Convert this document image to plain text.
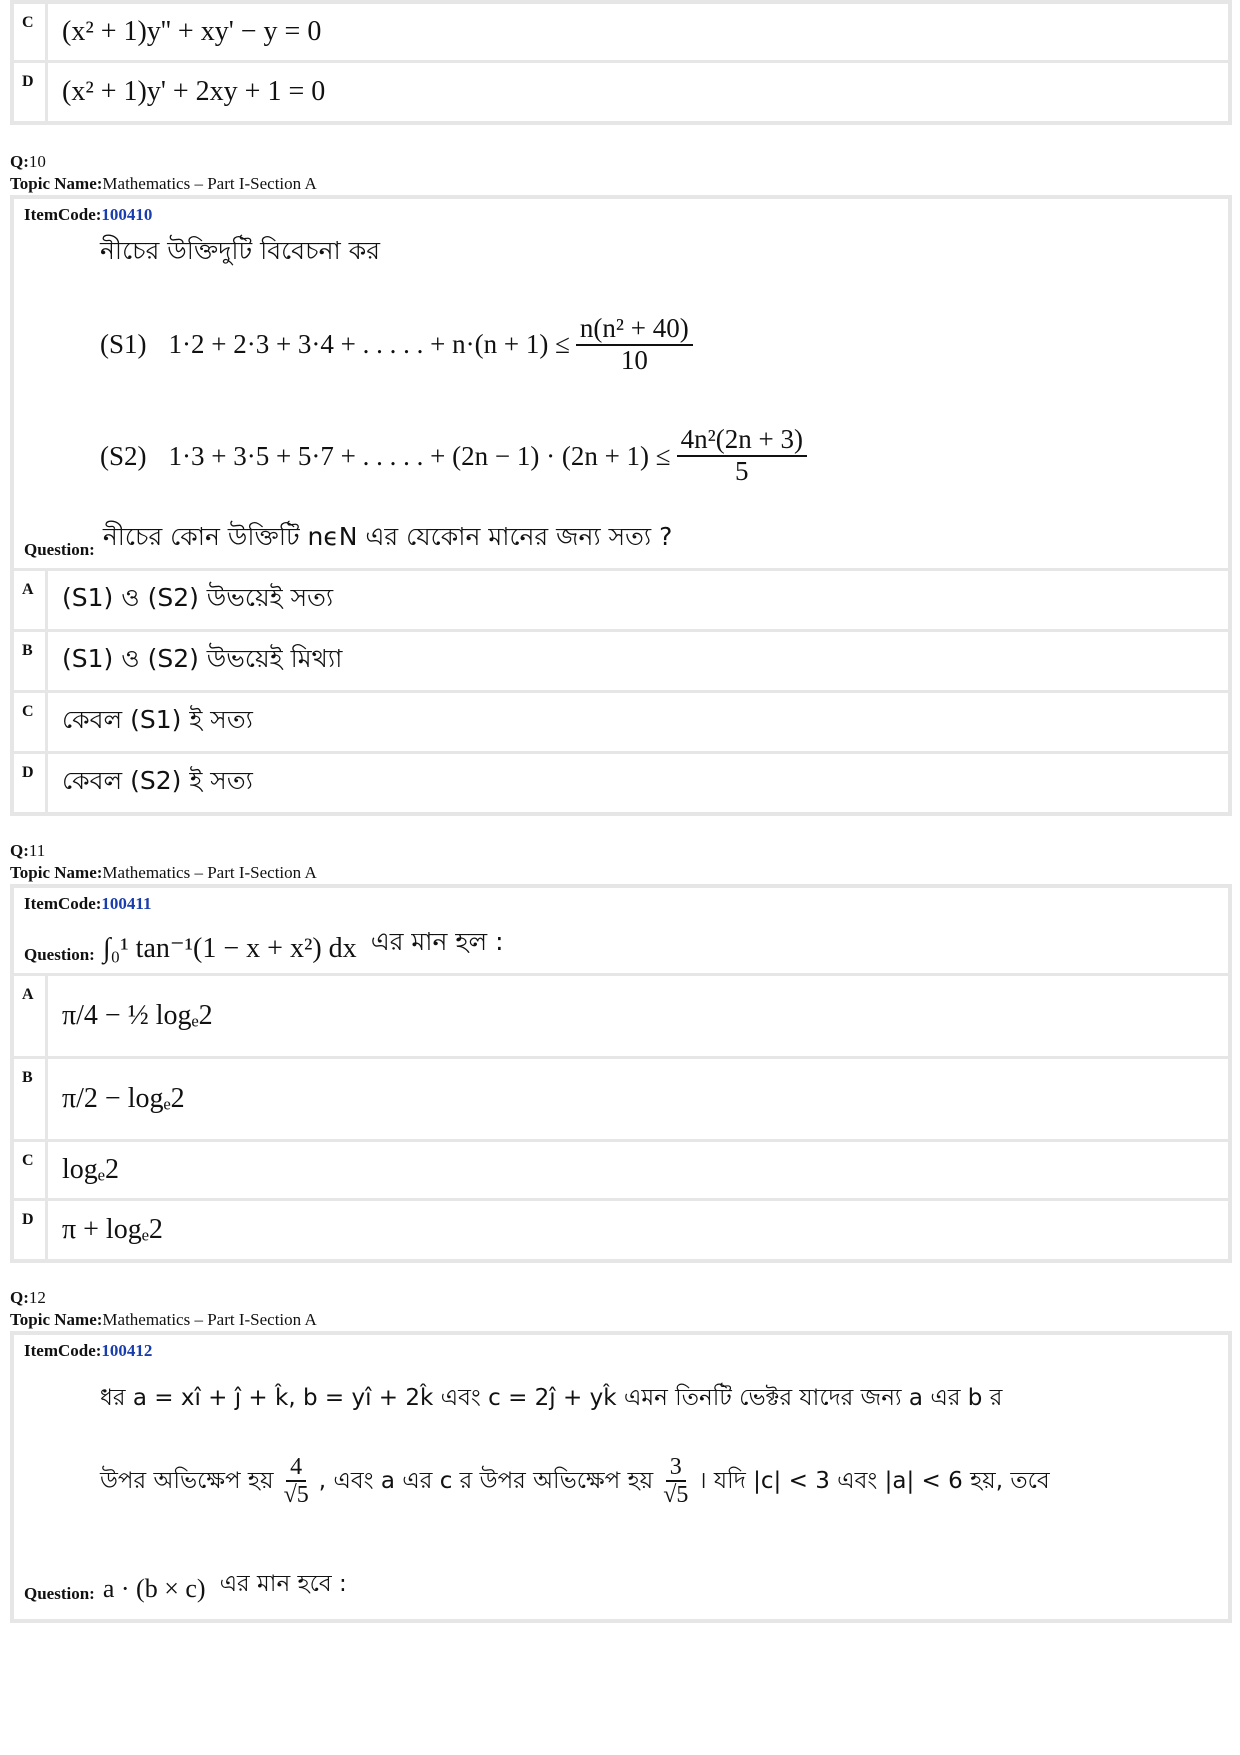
C	(x² + 1)y'' + xy' − y = 0
D	(x² + 1)y' + 2xy + 1 = 0
Q:10
Topic Name:Mathematics – Part I-Section A
ItemCode:100410
নীচের উক্তিদুটি বিবেচনা কর
(S1) 1·2 + 2·3 + 3·4 + . . . . . + $n\cdot(n + 1) \le \frac{\text{n(n² + 40)}}{10}$
(S2) 1·3 + 3·5 + 5·7 + . . . . . + $(2n - 1) \cdot (2n + 1) \le \frac{\text{4n²(2n + 3)}}{5}$
Question: নীচের কোন উক্তিটি nϵN এর যেকোন মানের জন্য সত্য ?
A	(S1) ও (S2) উভয়েই সত্য
B	(S1) ও (S2) উভয়েই মিথ্যা
C	কেবল (S1) ই সত্য
D	কেবল (S2) ই সত্য
Q:11
Topic Name:Mathematics – Part I-Section A
ItemCode:100411
Question: ∫₀¹ tan⁻¹(1 − x + x²) dx এর মান হল :
A
π/4 − ½ logₑ2
B
π/2 − logₑ2
C	logₑ2
D	π + logₑ2
Q:12
Topic Name:Mathematics – Part I-Section A
ItemCode:100412
ধর a = xî + ĵ + k̂, b = yî + 2k̂ এবং c = 2ĵ + yk̂ এমন তিনটি ভেক্টর যাদের জন্য a এর b র
উপর অভিক্ষেপ হয় $\frac{4}{√5}$ , এবং a এর c র উপর অভিক্ষেপ হয় $\frac{3}{√5}$ । যদি |c| < 3 এবং |a| < 6 হয়, তবে
Question: a · (b × c) এর মান হবে :
